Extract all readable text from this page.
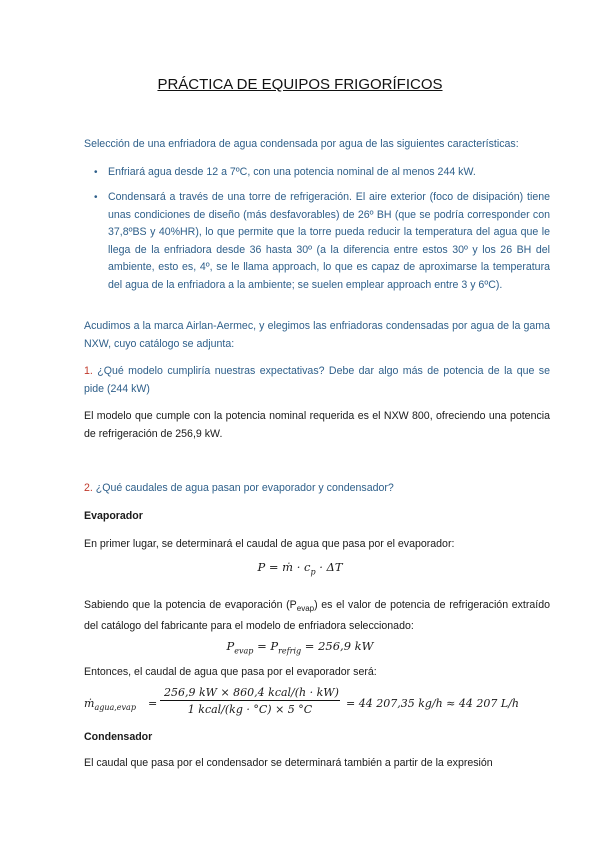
PRÁCTICA DE EQUIPOS FRIGORÍFICOS
Selección de una enfriadora de agua condensada por agua de las siguientes características:
• Enfriará agua desde 12 a 7ºC, con una potencia nominal de al menos 244 kW.
• Condensará a través de una torre de refrigeración. El aire exterior (foco de disipación) tiene unas condiciones de diseño (más desfavorables) de 26º BH (que se podría corresponder con 37,8ºBS y 40%HR), lo que permite que la torre pueda reducir la temperatura del agua que le llega de la enfriadora desde 36 hasta 30º (a la diferencia entre estos 30º y los 26 BH del ambiente, esto es, 4º, se le llama approach, lo que es capaz de aproximarse la temperatura del agua de la enfriadora a la ambiente; se suelen emplear approach entre 3 y 6ºC).
Acudimos a la marca Airlan-Aermec, y elegimos las enfriadoras condensadas por agua de la gama NXW, cuyo catálogo se adjunta:
1. ¿Qué modelo cumpliría nuestras expectativas? Debe dar algo más de potencia de la que se pide (244 kW)
El modelo que cumple con la potencia nominal requerida es el NXW 800, ofreciendo una potencia de refrigeración de 256,9 kW.
2. ¿Qué caudales de agua pasan por evaporador y condensador?
Evaporador
En primer lugar, se determinará el caudal de agua que pasa por el evaporador:
P = ṁ · $c_p \cdot \Delta T$
Sabiendo que la potencia de evaporación $(P_{evap})$ es el valor de potencia de refrigeración extraído del catálogo del fabricante para el modelo de enfriadora seleccionado:
$P_{evap} = P_{refrig} = 256,9$ kW
Entonces, el caudal de agua que pasa por el evaporador será:
ṁ$_{agua,evap}$ =
256,9 kW × 860,4 kcal/(h · kW)
1 kcal/(kg · °C) × 5 °C	= 44 207,35 kg/h ≈ 44 207 L/h
Condensador
El caudal que pasa por el condensador se determinará también a partir de la expresión
